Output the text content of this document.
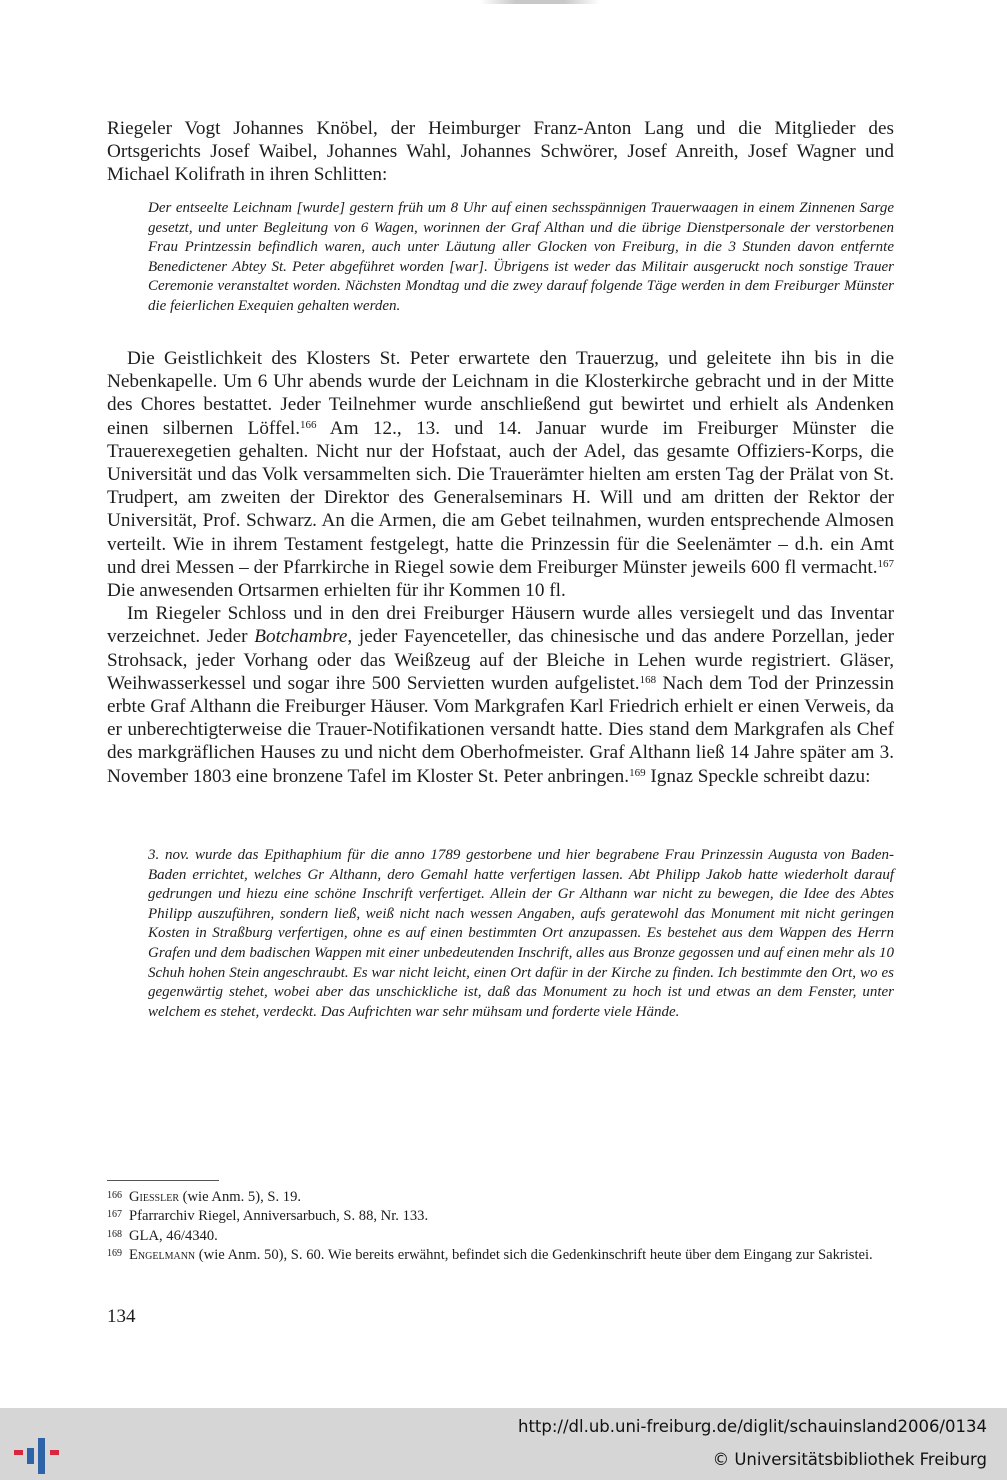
Riegeler Vogt Johannes Knöbel, der Heimburger Franz-Anton Lang und die Mitglieder des Ortsgerichts Josef Waibel, Johannes Wahl, Johannes Schwörer, Josef Anreith, Josef Wagner und Michael Kolifrath in ihren Schlitten:

Der entseelte Leichnam [wurde] gestern früh um 8 Uhr auf einen sechsspännigen Trauerwaagen in einem Zinnenen Sarge gesetzt, und unter Begleitung von 6 Wagen, worinnen der Graf Althan und die übrige Dienstpersonale der verstorbenen Frau Printzessin befindlich waren, auch unter Läutung aller Glocken von Freiburg, in die 3 Stunden davon entfernte Benedictener Abtey St. Peter abgeführet worden [war]. Übrigens ist weder das Militair ausgeruckt noch sonstige Trauer Ceremonie veranstaltet worden. Nächsten Mondtag und die zwey darauf folgende Täge werden in dem Freiburger Münster die feierlichen Exequien gehalten werden.

Die Geistlichkeit des Klosters St. Peter erwartete den Trauerzug, und geleitete ihn bis in die Nebenkapelle. Um 6 Uhr abends wurde der Leichnam in die Klosterkirche gebracht und in der Mitte des Chores bestattet. Jeder Teilnehmer wurde anschließend gut bewirtet und erhielt als Andenken einen silbernen Löffel.$^{166}$ Am 12., 13. und 14. Januar wurde im Freiburger Münster die Trauerexegetien gehalten. Nicht nur der Hofstaat, auch der Adel, das gesamte Offiziers-Korps, die Universität und das Volk versammelten sich. Die Trauerämter hielten am ersten Tag der Prälat von St. Trudpert, am zweiten der Direktor des Generalseminars H. Will und am dritten der Rektor der Universität, Prof. Schwarz. An die Armen, die am Gebet teilnahmen, wurden entsprechende Almosen verteilt. Wie in ihrem Testament festgelegt, hatte die Prinzessin für die Seelenämter – d.h. ein Amt und drei Messen – der Pfarrkirche in Riegel sowie dem Freiburger Münster jeweils 600 fl vermacht.$^{167}$ Die anwesenden Ortsarmen erhielten für ihr Kommen 10 fl.

Im Riegeler Schloss und in den drei Freiburger Häusern wurde alles versiegelt und das Inventar verzeichnet. Jeder Botchambre, jeder Fayenceteller, das chinesische und das andere Porzellan, jeder Strohsack, jeder Vorhang oder das Weißzeug auf der Bleiche in Lehen wurde registriert. Gläser, Weihwasserkessel und sogar ihre 500 Servietten wurden aufgelistet.$^{168}$ Nach dem Tod der Prinzessin erbte Graf Althann die Freiburger Häuser. Vom Markgrafen Karl Friedrich erhielt er einen Verweis, da er unberechtigterweise die Trauer-Notifikationen versandt hatte. Dies stand dem Markgrafen als Chef des markgräflichen Hauses zu und nicht dem Oberhofmeister. Graf Althann ließ 14 Jahre später am 3. November 1803 eine bronzene Tafel im Kloster St. Peter anbringen.$^{169}$ Ignaz Speckle schreibt dazu:

3. nov. wurde das Epithaphium für die anno 1789 gestorbene und hier begrabene Frau Prinzessin Augusta von Baden-Baden errichtet, welches Gr Althann, dero Gemahl hatte verfertigen lassen. Abt Philipp Jakob hatte wiederholt darauf gedrungen und hiezu eine schöne Inschrift verfertiget. Allein der Gr Althann war nicht zu bewegen, die Idee des Abtes Philipp auszuführen, sondern ließ, weiß nicht nach wessen Angaben, aufs geratewohl das Monument mit nicht geringen Kosten in Straßburg verfertigen, ohne es auf einen bestimmten Ort anzupassen. Es bestehet aus dem Wappen des Herrn Grafen und dem badischen Wappen mit einer unbedeutenden Inschrift, alles aus Bronze gegossen und auf einen mehr als 10 Schuh hohen Stein angeschraubt. Es war nicht leicht, einen Ort dafür in der Kirche zu finden. Ich bestimmte den Ort, wo es gegenwärtig stehet, wobei aber das unschickliche ist, daß das Monument zu hoch ist und etwas an dem Fenster, unter welchem es stehet, verdeckt. Das Aufrichten war sehr mühsam und forderte viele Hände.

166 Giessler (wie Anm. 5), S. 19.

167 Pfarrarchiv Riegel, Anniversarbuch, S. 88, Nr. 133.

168 GLA, 46/4340.

169 Engelmann (wie Anm. 50), S. 60. Wie bereits erwähnt, befindet sich die Gedenkinschrift heute über dem Eingang zur Sakristei.

134
http://dl.ub.uni-freiburg.de/diglit/schauinsland2006/0134
© Universitätsbibliothek Freiburg
